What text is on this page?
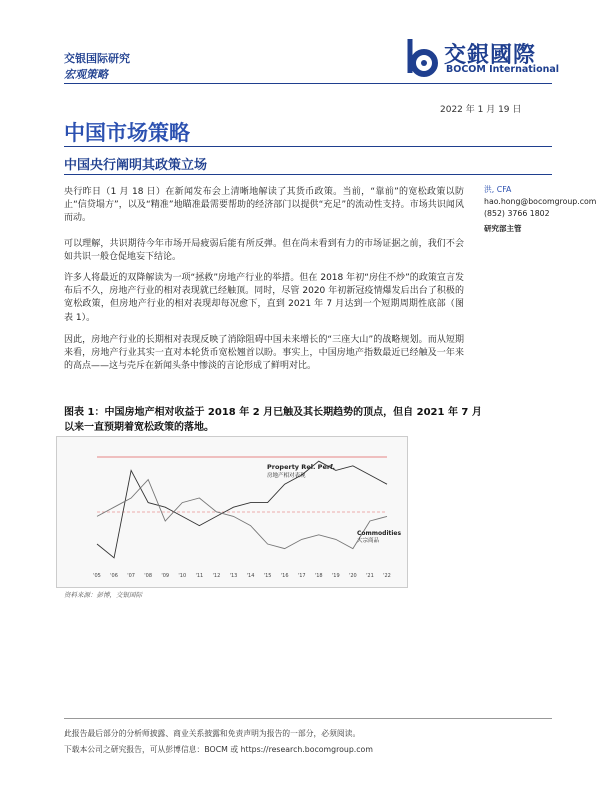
交银国际研究
宏观策略
交銀國際
BOCOM International
2022 年 1 月 19 日
中国市场策略
中国央行阐明其政策立场
洪, CFA
hao.hong@bocomgroup.com
(852) 3766 1802
研究部主管

央行昨日（1 月 18 日）在新闻发布会上清晰地解读了其货币政策。当前，“靠前”的宽松政策以防止“信贷塌方”，以及“精准”地瞄准最需要帮助的经济部门以提供“充足”的流动性支持。市场共识闻风而动。

可以理解，共识期待今年市场开局疲弱后能有所反弹。但在尚未看到有力的市场证据之前，我们不会如共识一般仓促地妄下结论。

许多人将最近的双降解读为一项“拯救”房地产行业的举措。但在 2018 年初“房住不炒”的政策宣言发布后不久，房地产行业的相对表现就已经触顶。同时，尽管 2020 年初新冠疫情爆发后出台了积极的宽松政策，但房地产行业的相对表现却每况愈下，直到 2021 年 7 月达到一个短期周期性底部（图表 1）。

因此，房地产行业的长期相对表现反映了消除阻碍中国未来增长的“三座大山”的战略规划。而从短期来看，房地产行业其实一直对本轮货币宽松翘首以盼。事实上，中国房地产指数最近已经触及一年来的高点——这与壳斥在新闻头条中惨淡的言论形成了鲜明对比。

图表 1：中国房地产相对收益于 2018 年 2 月已触及其长期趋势的顶点，但自 2021 年 7 月以来一直预期着宽松政策的落地。
'05 '06 '07 '08 '09 '10 '11 '12 '13 '14 '15 '16 '17 '18 '19 '20 '21 '22
Property Rel. Perf.
房地产相对表现
Commodities
大宗商品
资料来源：彭博，交银国际
此报告最后部分的分析师披露、商业关系披露和免责声明为报告的一部分，必须阅读。
下载本公司之研究报告，可从彭博信息：BOCM 或 https://research.bocomgroup.com
